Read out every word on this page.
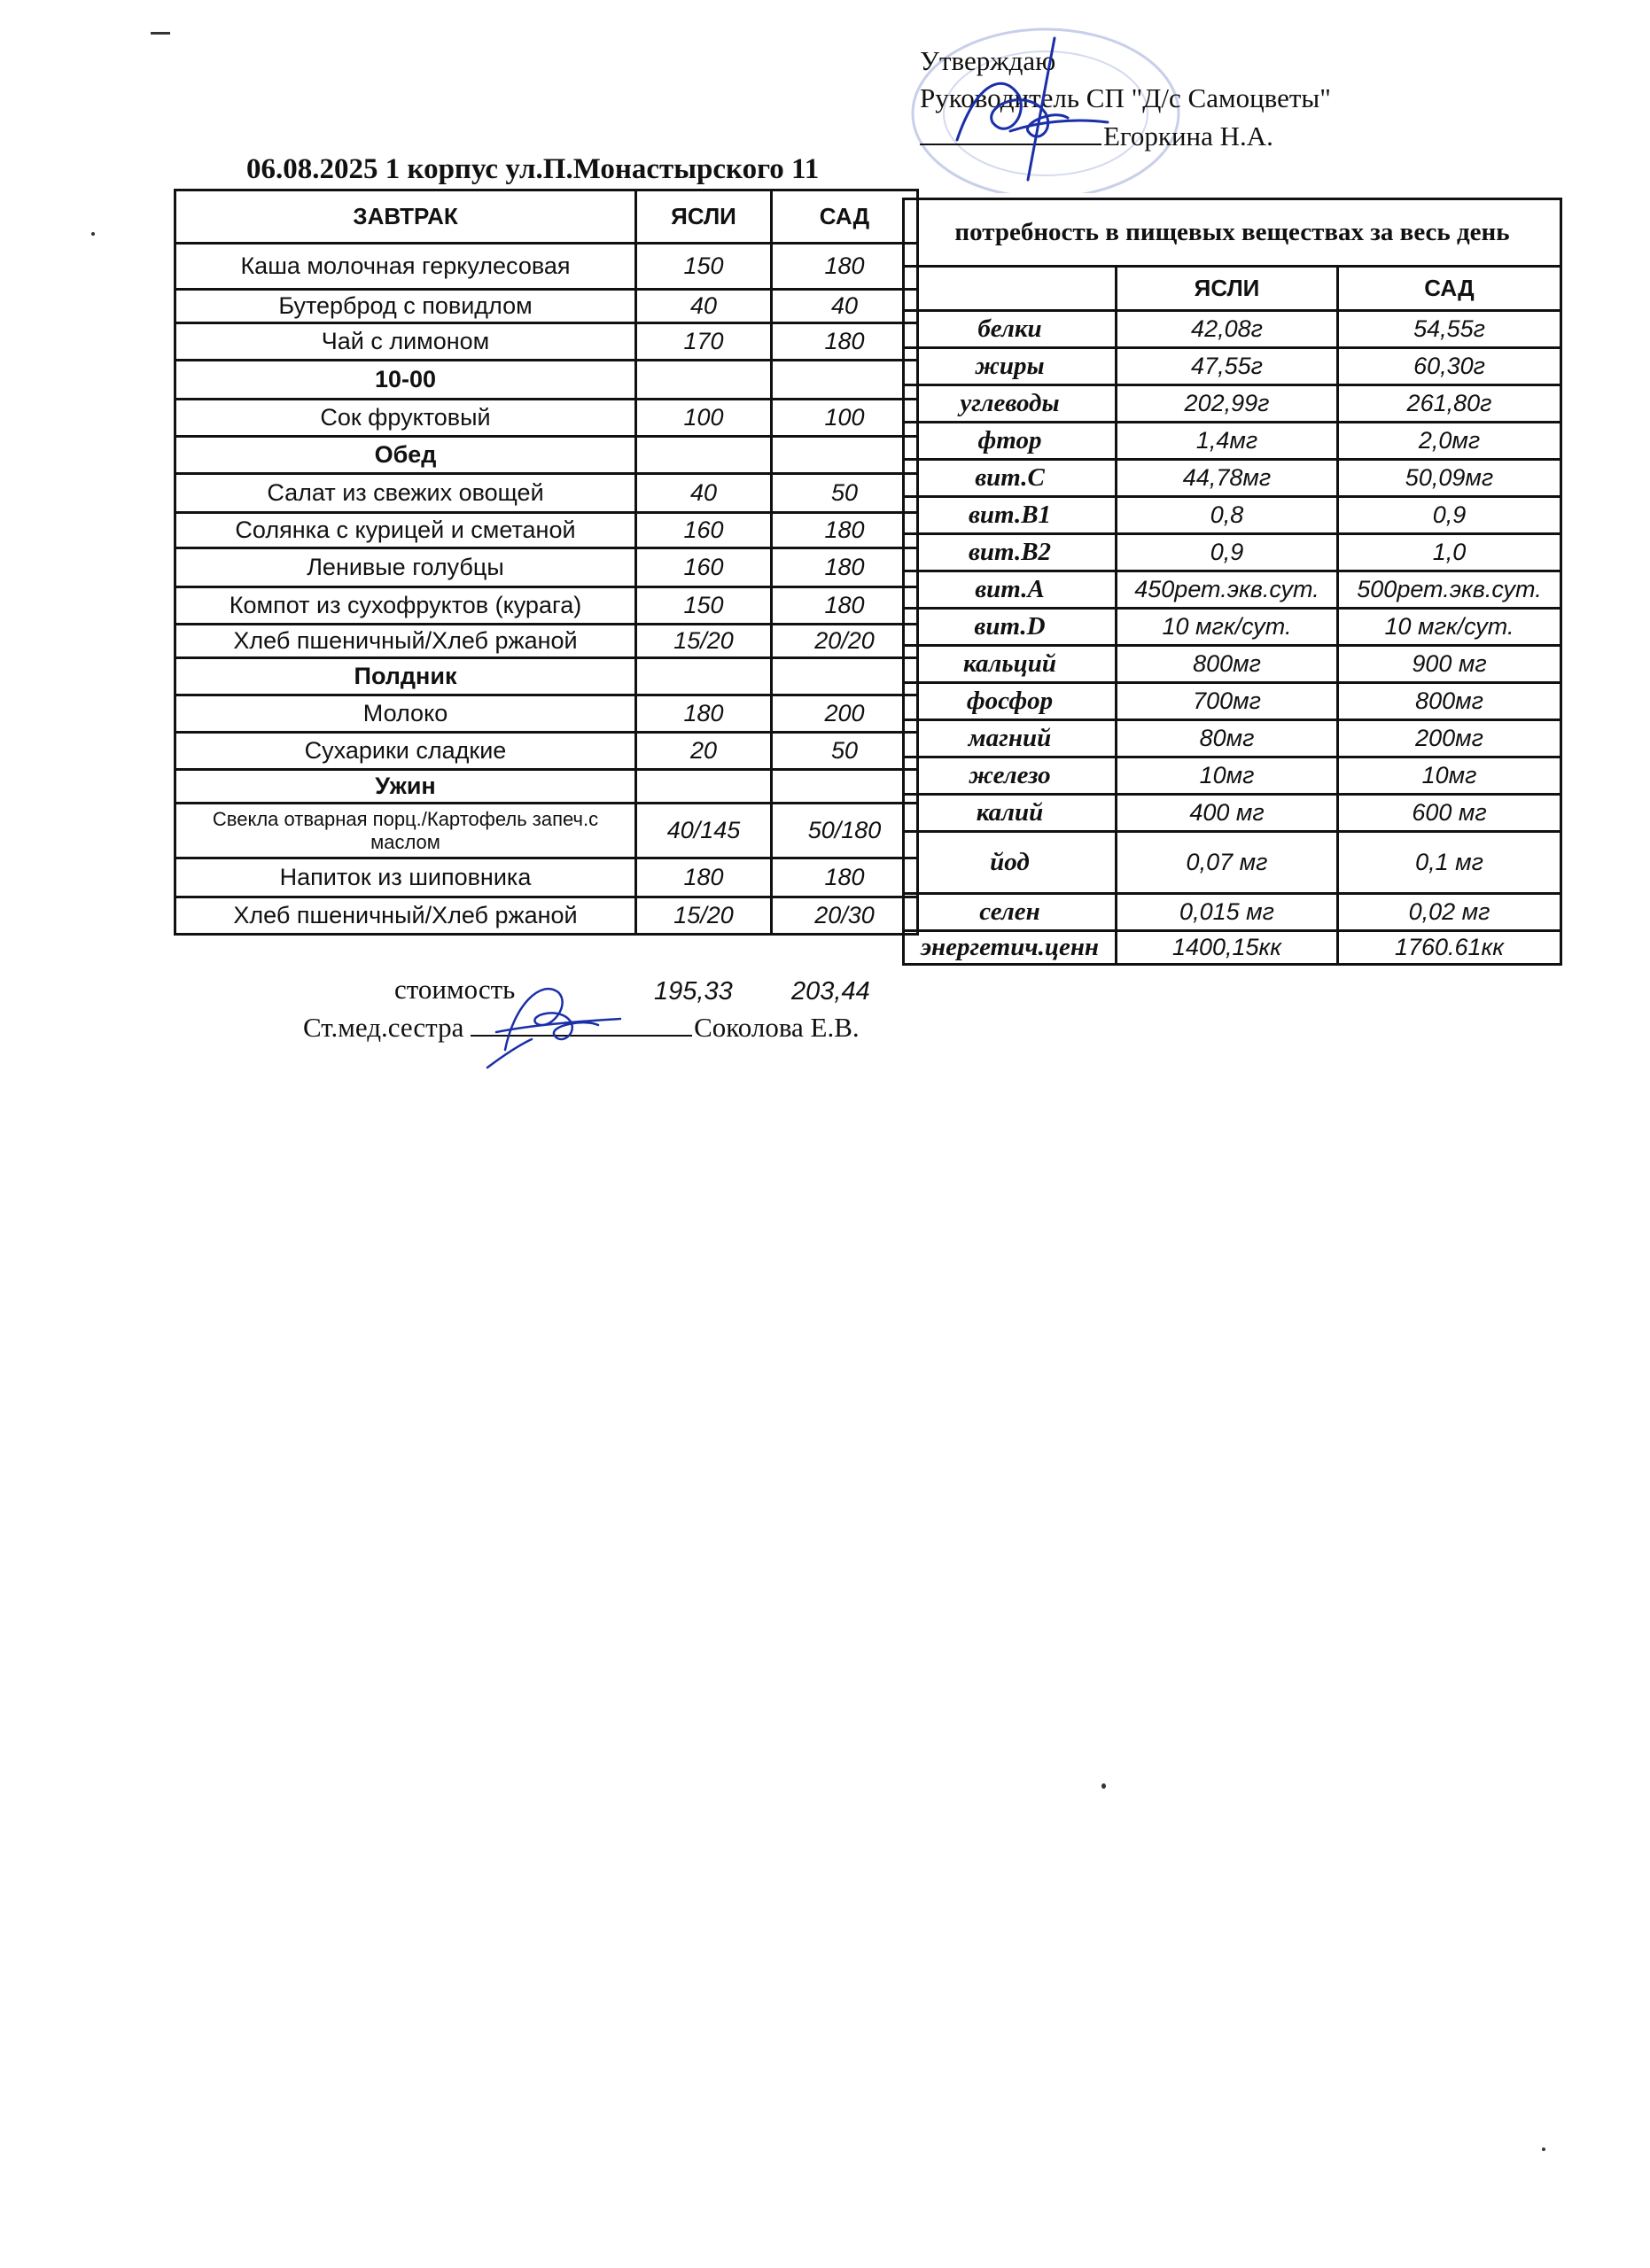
Утверждаю
Руководитель СП "Д/с Самоцветы"
Егоркина Н.А.
06.08.2025 1 корпус ул.П.Монастырского 11
ЗАВТРАК	ЯСЛИ	САД
Каша молочная геркулесовая	150	180
Бутерброд с повидлом	40	40
Чай с лимоном	170	180
10-00		
Сок фруктовый	100	100
Обед		
Салат из свежих овощей	40	50
Солянка с курицей и сметаной	160	180
Ленивые голубцы	160	180
Компот из сухофруктов (курага)	150	180
Хлеб пшеничный/Хлеб ржаной	15/20	20/20
Полдник		
Молоко	180	200
Сухарики сладкие	20	50
Ужин		
Свекла отварная порц./Картофель запеч.с маслом	40/145	50/180
Напиток из шиповника	180	180
Хлеб пшеничный/Хлеб ржаной	15/20	20/30
потребность в пищевых веществах за весь день		
	ЯСЛИ	САД
белки	42,08г	54,55г
жиры	47,55г	60,30г
углеводы	202,99г	261,80г
фтор	1,4мг	2,0мг
вит.С	44,78мг	50,09мг
вит.В1	0,8	0,9
вит.В2	0,9	1,0
вит.А	450рет.экв.сут.	500рет.экв.сут.
вит.D	10 мгк/сут.	10 мгк/сут.
кальций	800мг	900 мг
фосфор	700мг	800мг
магний	80мг	200мг
железо	10мг	10мг
калий	400 мг	600 мг
йод	0,07 мг	0,1 мг
селен	0,015 мг	0,02 мг
энергетич.ценн	1400,15кк	1760.61кк
стоимость	195,33 203,44
Ст.мед.сестра	Соколова Е.В.
